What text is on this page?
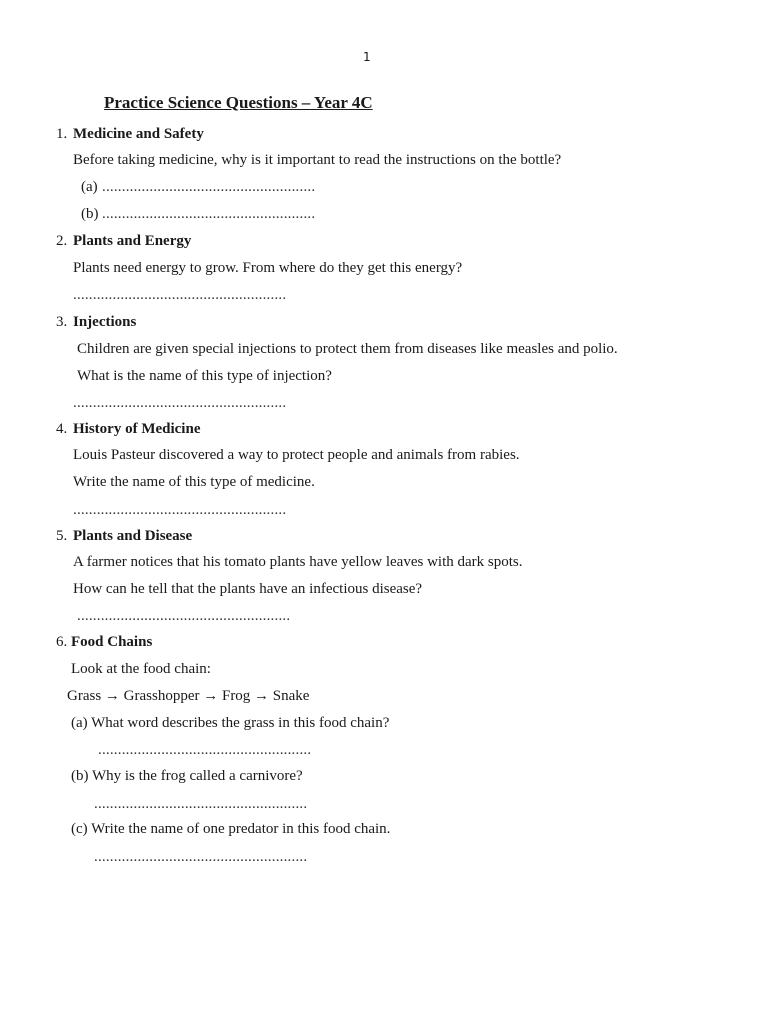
1
Practice Science Questions – Year 4C
1. Medicine and Safety
Before taking medicine, why is it important to read the instructions on the bottle?
(a) ......................................................
(b) ......................................................
2. Plants and Energy
Plants need energy to grow. From where do they get this energy?
......................................................
3. Injections
Children are given special injections to protect them from diseases like measles and polio.
What is the name of this type of injection?
......................................................
4. History of Medicine
Louis Pasteur discovered a way to protect people and animals from rabies.
Write the name of this type of medicine.
......................................................
5. Plants and Disease
A farmer notices that his tomato plants have yellow leaves with dark spots.
How can he tell that the plants have an infectious disease?
......................................................
6. Food Chains
Look at the food chain:
Grass → Grasshopper → Frog → Snake
(a) What word describes the grass in this food chain?
......................................................
(b) Why is the frog called a carnivore?
......................................................
(c) Write the name of one predator in this food chain.
......................................................
